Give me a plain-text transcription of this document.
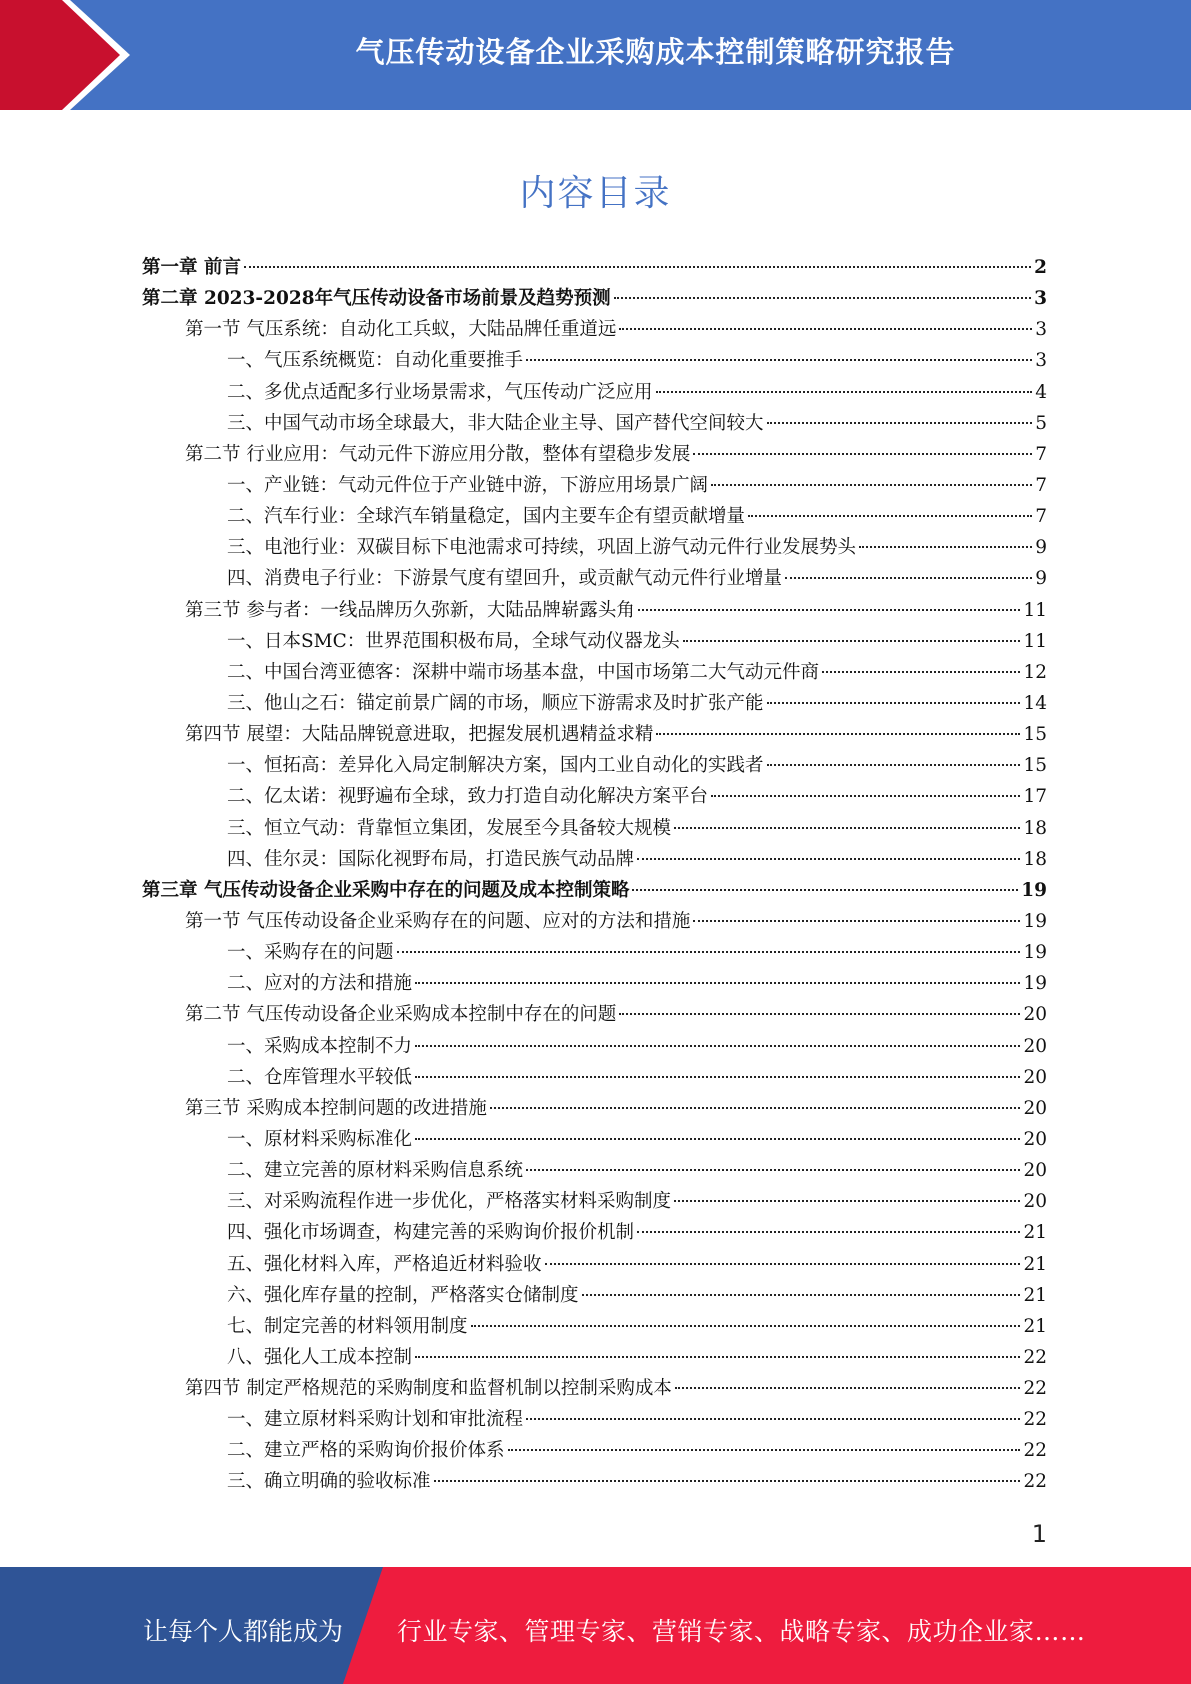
气压传动设备企业采购成本控制策略研究报告
内容目录
第一章 前言	2
第二章 2023-2028年气压传动设备市场前景及趋势预测	3
第一节 气压系统：自动化工兵蚁，大陆品牌任重道远	3
一、气压系统概览：自动化重要推手	3
二、多优点适配多行业场景需求，气压传动广泛应用	4
三、中国气动市场全球最大，非大陆企业主导、国产替代空间较大	5
第二节 行业应用：气动元件下游应用分散，整体有望稳步发展	7
一、产业链：气动元件位于产业链中游，下游应用场景广阔	7
二、汽车行业：全球汽车销量稳定，国内主要车企有望贡献增量	7
三、电池行业：双碳目标下电池需求可持续，巩固上游气动元件行业发展势头	9
四、消费电子行业：下游景气度有望回升，或贡献气动元件行业增量	9
第三节 参与者：一线品牌历久弥新，大陆品牌崭露头角	11
一、日本SMC：世界范围积极布局，全球气动仪器龙头	11
二、中国台湾亚德客：深耕中端市场基本盘，中国市场第二大气动元件商	12
三、他山之石：锚定前景广阔的市场，顺应下游需求及时扩张产能	14
第四节 展望：大陆品牌锐意进取，把握发展机遇精益求精	15
一、恒拓高：差异化入局定制解决方案，国内工业自动化的实践者	15
二、亿太诺：视野遍布全球，致力打造自动化解决方案平台	17
三、恒立气动：背靠恒立集团，发展至今具备较大规模	18
四、佳尔灵：国际化视野布局，打造民族气动品牌	18
第三章 气压传动设备企业采购中存在的问题及成本控制策略	19
第一节 气压传动设备企业采购存在的问题、应对的方法和措施	19
一、采购存在的问题	19
二、应对的方法和措施	19
第二节 气压传动设备企业采购成本控制中存在的问题	20
一、采购成本控制不力	20
二、仓库管理水平较低	20
第三节 采购成本控制问题的改进措施	20
一、原材料采购标准化	20
二、建立完善的原材料采购信息系统	20
三、对采购流程作进一步优化，严格落实材料采购制度	20
四、强化市场调查，构建完善的采购询价报价机制	21
五、强化材料入库，严格追近材料验收	21
六、强化库存量的控制，严格落实仓储制度	21
七、制定完善的材料领用制度	21
八、强化人工成本控制	22
第四节 制定严格规范的采购制度和监督机制以控制采购成本	22
一、建立原材料采购计划和审批流程	22
二、建立严格的采购询价报价体系	22
三、确立明确的验收标准	22
1
让每个人都能成为 行业专家、管理专家、营销专家、战略专家、成功企业家……
